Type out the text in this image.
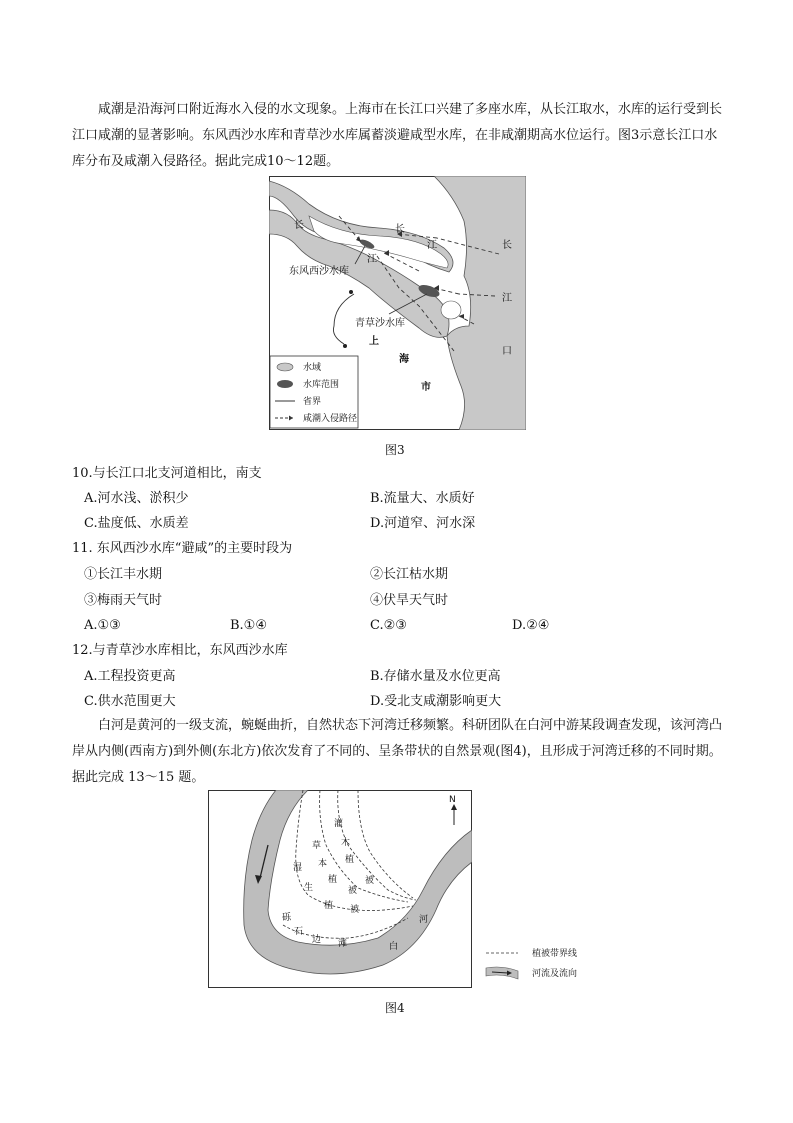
咸潮是沿海河口附近海水入侵的水文现象。上海市在长江口兴建了多座水库，从长江取水，水库的运行受到长江口咸潮的显著影响。东风西沙水库和青草沙水库属蓄淡避咸型水库，在非咸潮期高水位运行。图3示意长江口水库分布及咸潮入侵路径。据此完成10～12题。
长	长
江
江
东风西沙水库
青草沙水库
上
海
市
长
江
口
水域
水库范围
省界
咸潮入侵路径
图3
10.与长江口北支河道相比，南支
A.河水浅、淤积少	B.流量大、水质好
C.盐度低、水质差	D.河道窄、河水深
11. 东风西沙水库“避咸”的主要时段为
①长江丰水期	②长江枯水期
③梅雨天气时	④伏旱天气时
A.①③	B.①④	C.②③	D.②④
12.与青草沙水库相比，东风西沙水库
A.工程投资更高	B.存储水量及水位更高
C.供水范围更大	D.受北支咸潮影响更大
白河是黄河的一级支流，蜿蜒曲折，自然状态下河湾迁移频繁。科研团队在白河中游某段调查发现，该河湾凸岸从内侧(西南方)到外侧(东北方)依次发育了不同的、呈条带状的自然景观(图4)，且形成于河湾迁移的不同时期。据此完成 13～15 题。
N
灌
木
植
被
草
本
植
被
湿
生
植 被
砾
石
边 滩
河
白
植被带界线
河流及流向
图4
